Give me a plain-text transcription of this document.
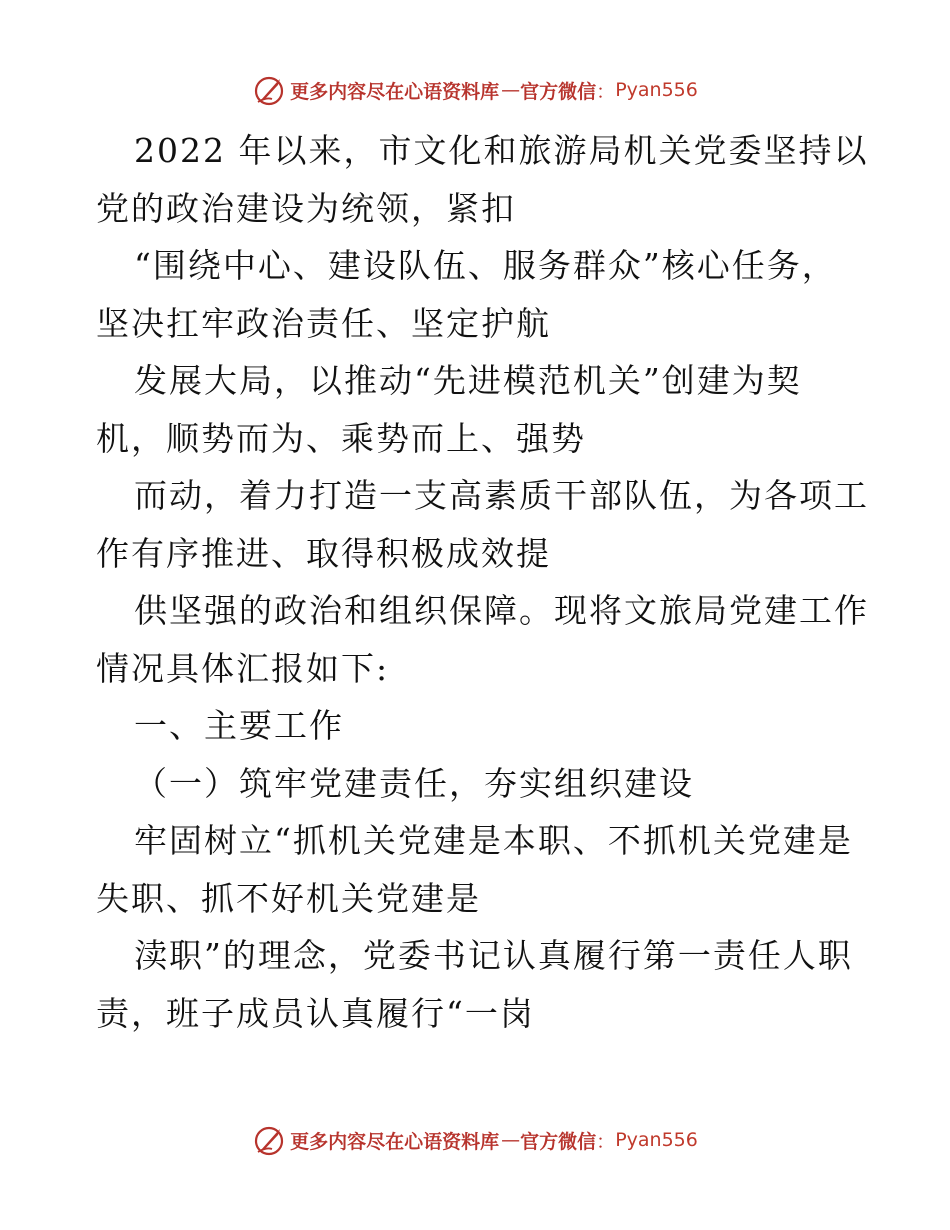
更多内容尽在心语资料库 — 官方微信 ： Pyan556
2022 年以来，市文化和旅游局机关党委坚持以
党的政治建设为统领，紧扣
“围绕中心、建设队伍、服务群众”核心任务，
坚决扛牢政治责任、坚定护航
发展大局，以推动“先进模范机关”创建为契
机，顺势而为、乘势而上、强势
而动，着力打造一支高素质干部队伍，为各项工
作有序推进、取得积极成效提
供坚强的政治和组织保障。现将文旅局党建工作
情况具体汇报如下:
一、主要工作
（一）筑牢党建责任，夯实组织建设
牢固树立“抓机关党建是本职、不抓机关党建是
失职、抓不好机关党建是
渎职”的理念，党委书记认真履行第一责任人职
责，班子成员认真履行“一岗
更多内容尽在心语资料库 — 官方微信 ： Pyan556
